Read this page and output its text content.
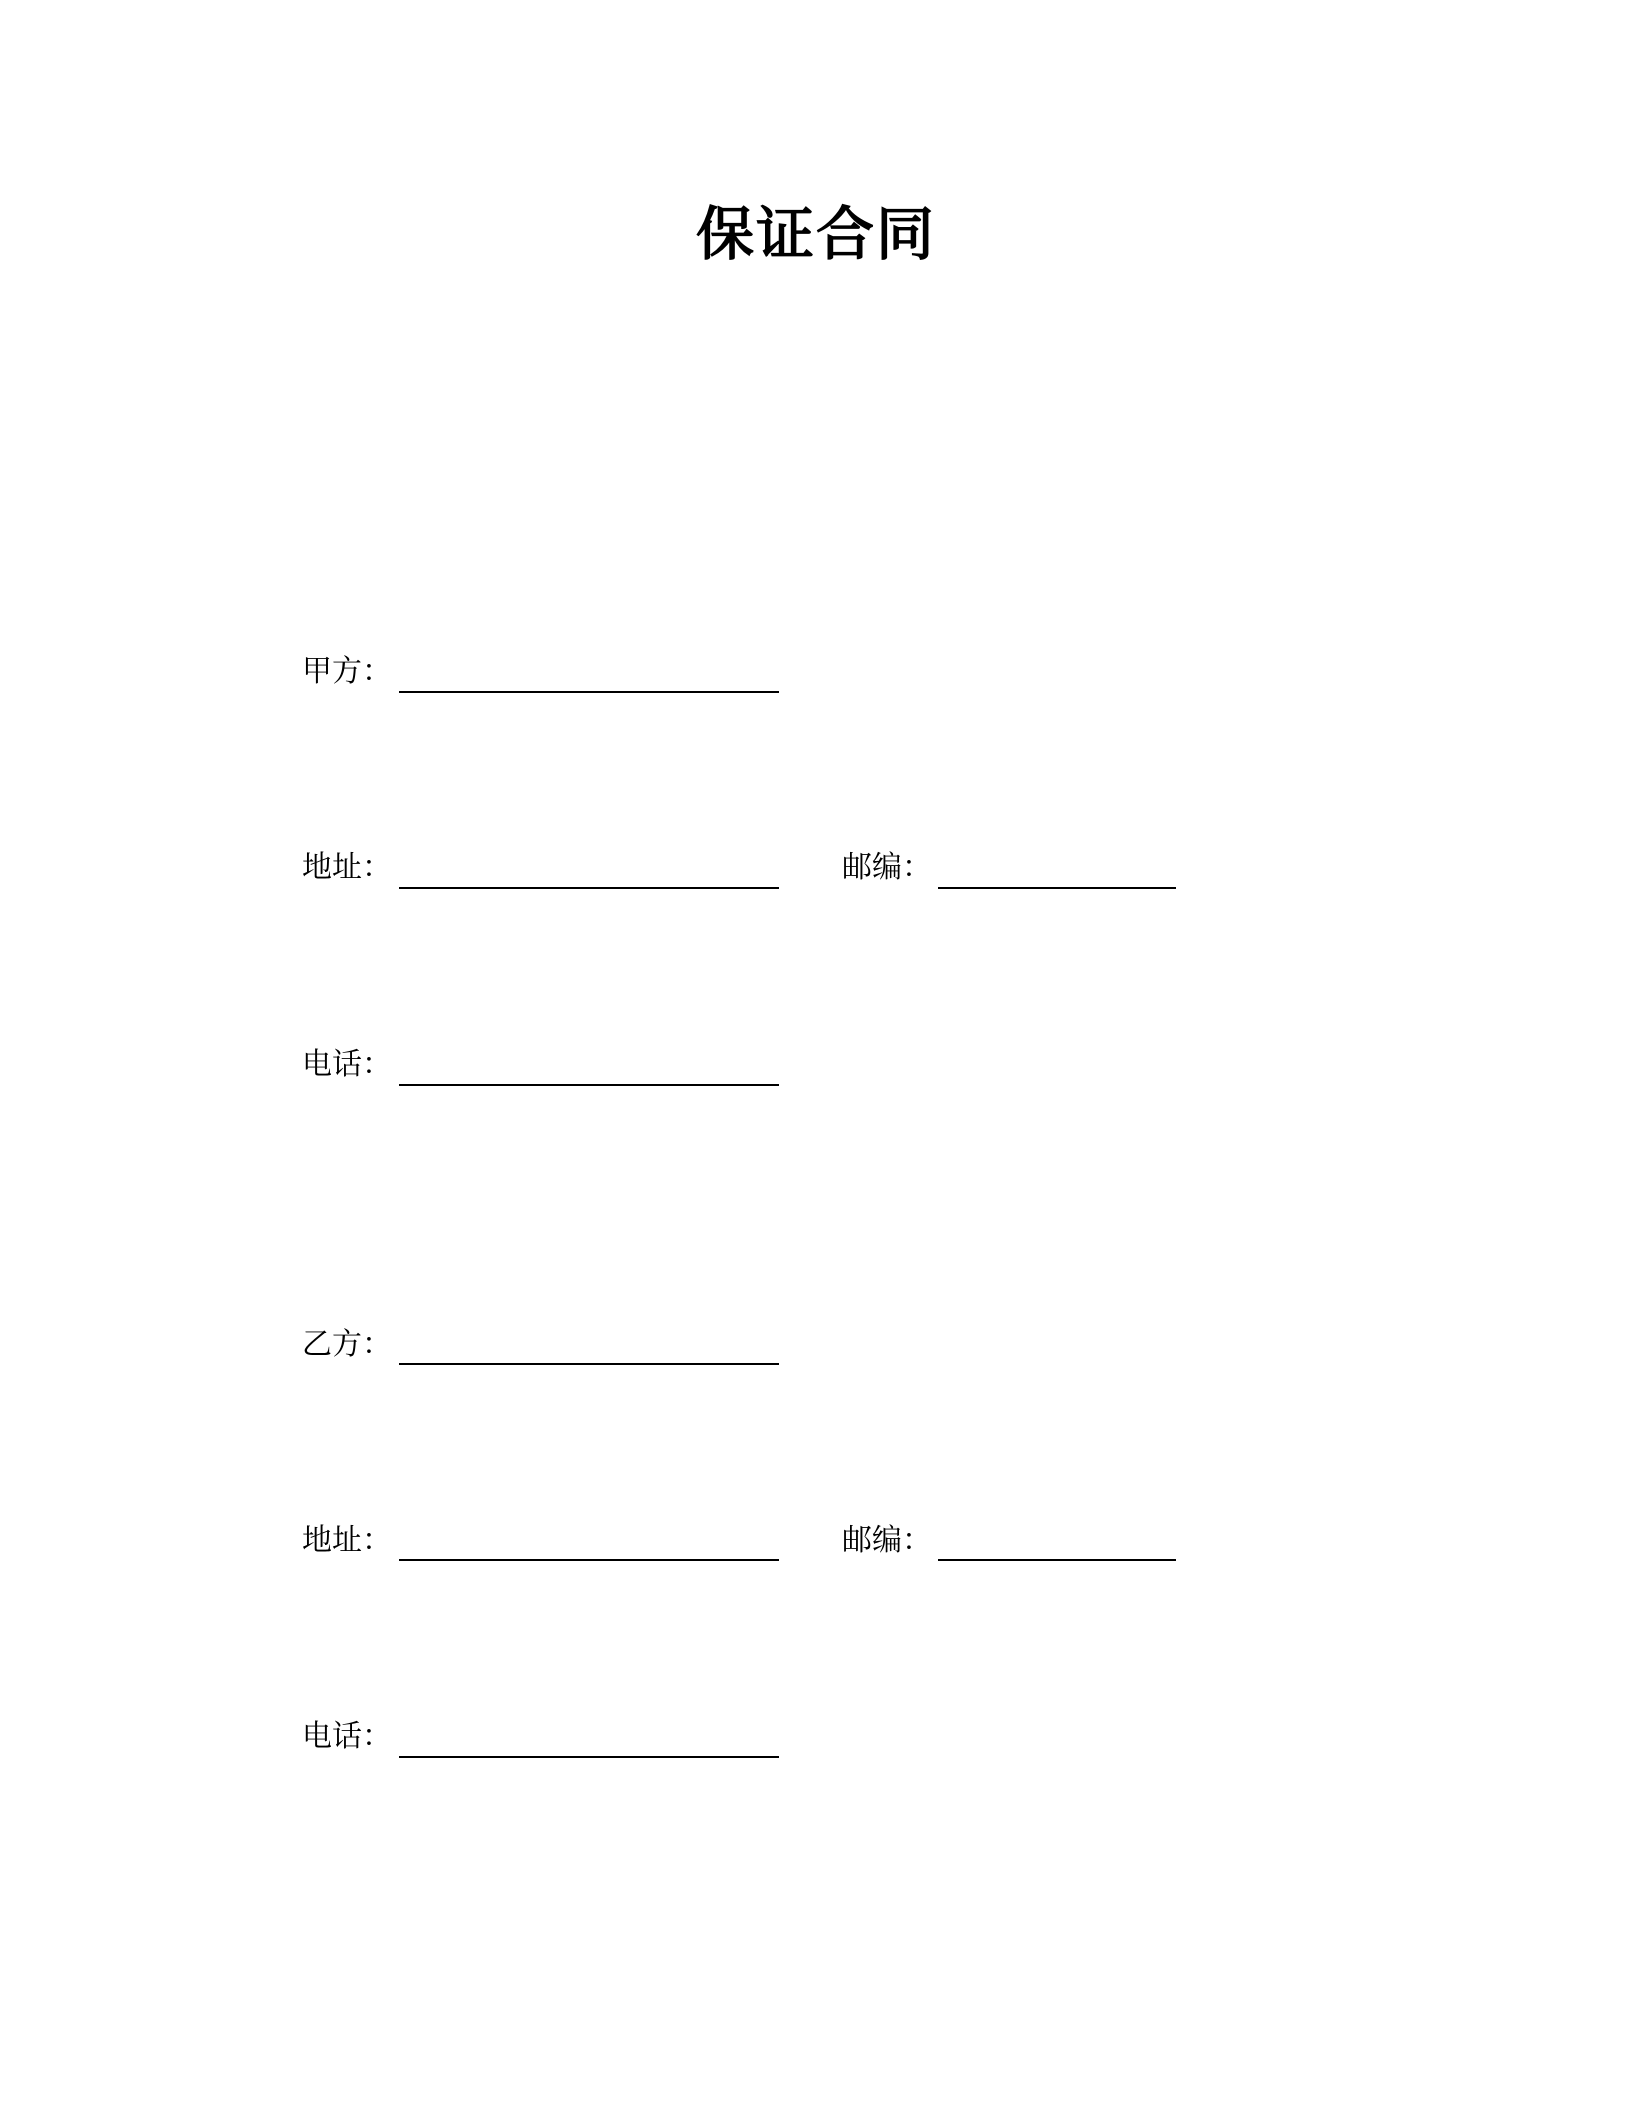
保证合同
甲方：
地址：	邮编：
电话：
乙方：
地址：	邮编：
电话：
